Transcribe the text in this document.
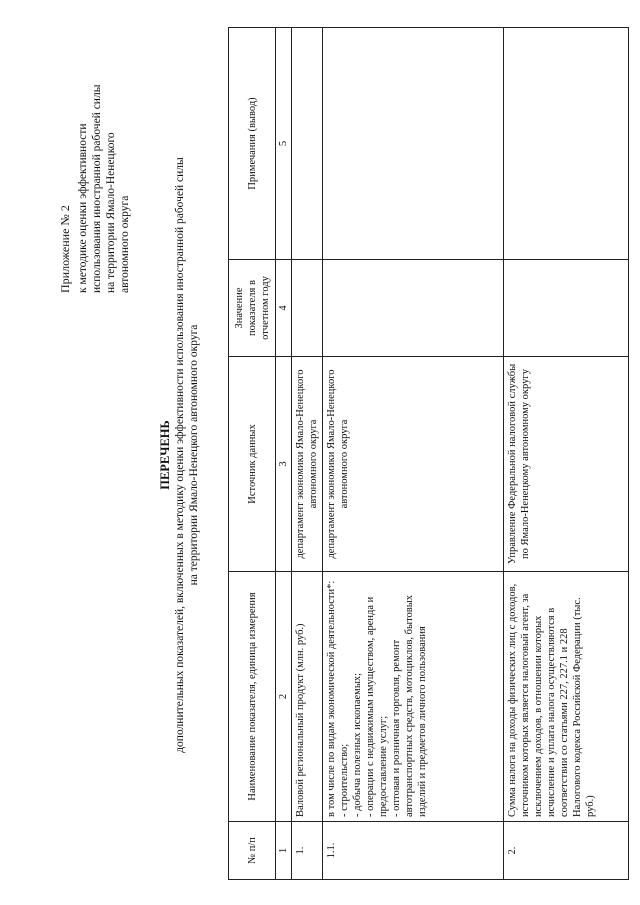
Приложение № 2 к методике оценки эффективности использования иностранной рабочей силы на территории Ямало-Ненецкого автономного округа
ПЕРЕЧЕНЬ дополнительных показателей, включенных в методику оценки эффективности использования иностранной рабочей силы на территории Ямало-Ненецкого автономного округа
№ п/п	Наименование показателя, единица измерения	Источник данных	Значение показателя в отчетном году	Примечания (вывод)
1	2	3	4	5
1.	Валовой региональный продукт (млн. руб.)	департамент экономики Ямало-Ненецкого автономного округа		
1.1.	в том числе по видам экономической деятельности*: - строительство; - добыча полезных ископаемых; - операции с недвижимым имуществом, аренда и предоставление услуг; - оптовая и розничная торговля, ремонт автотранспортных средств, мотоциклов, бытовых изделий и предметов личного пользования	департамент экономики Ямало-Ненецкого автономного округа		
2.	Сумма налога на доходы физических лиц с доходов, источником которых является налоговый агент, за исключением доходов, в отношении которых исчисление и уплата налога осуществляются в соответствии со статьями 227, 227.1 и 228 Налогового кодекса Российской Федерации (тыс. руб.)	Управление Федеральной налоговой службы по Ямало-Ненецкому автономному округу		
